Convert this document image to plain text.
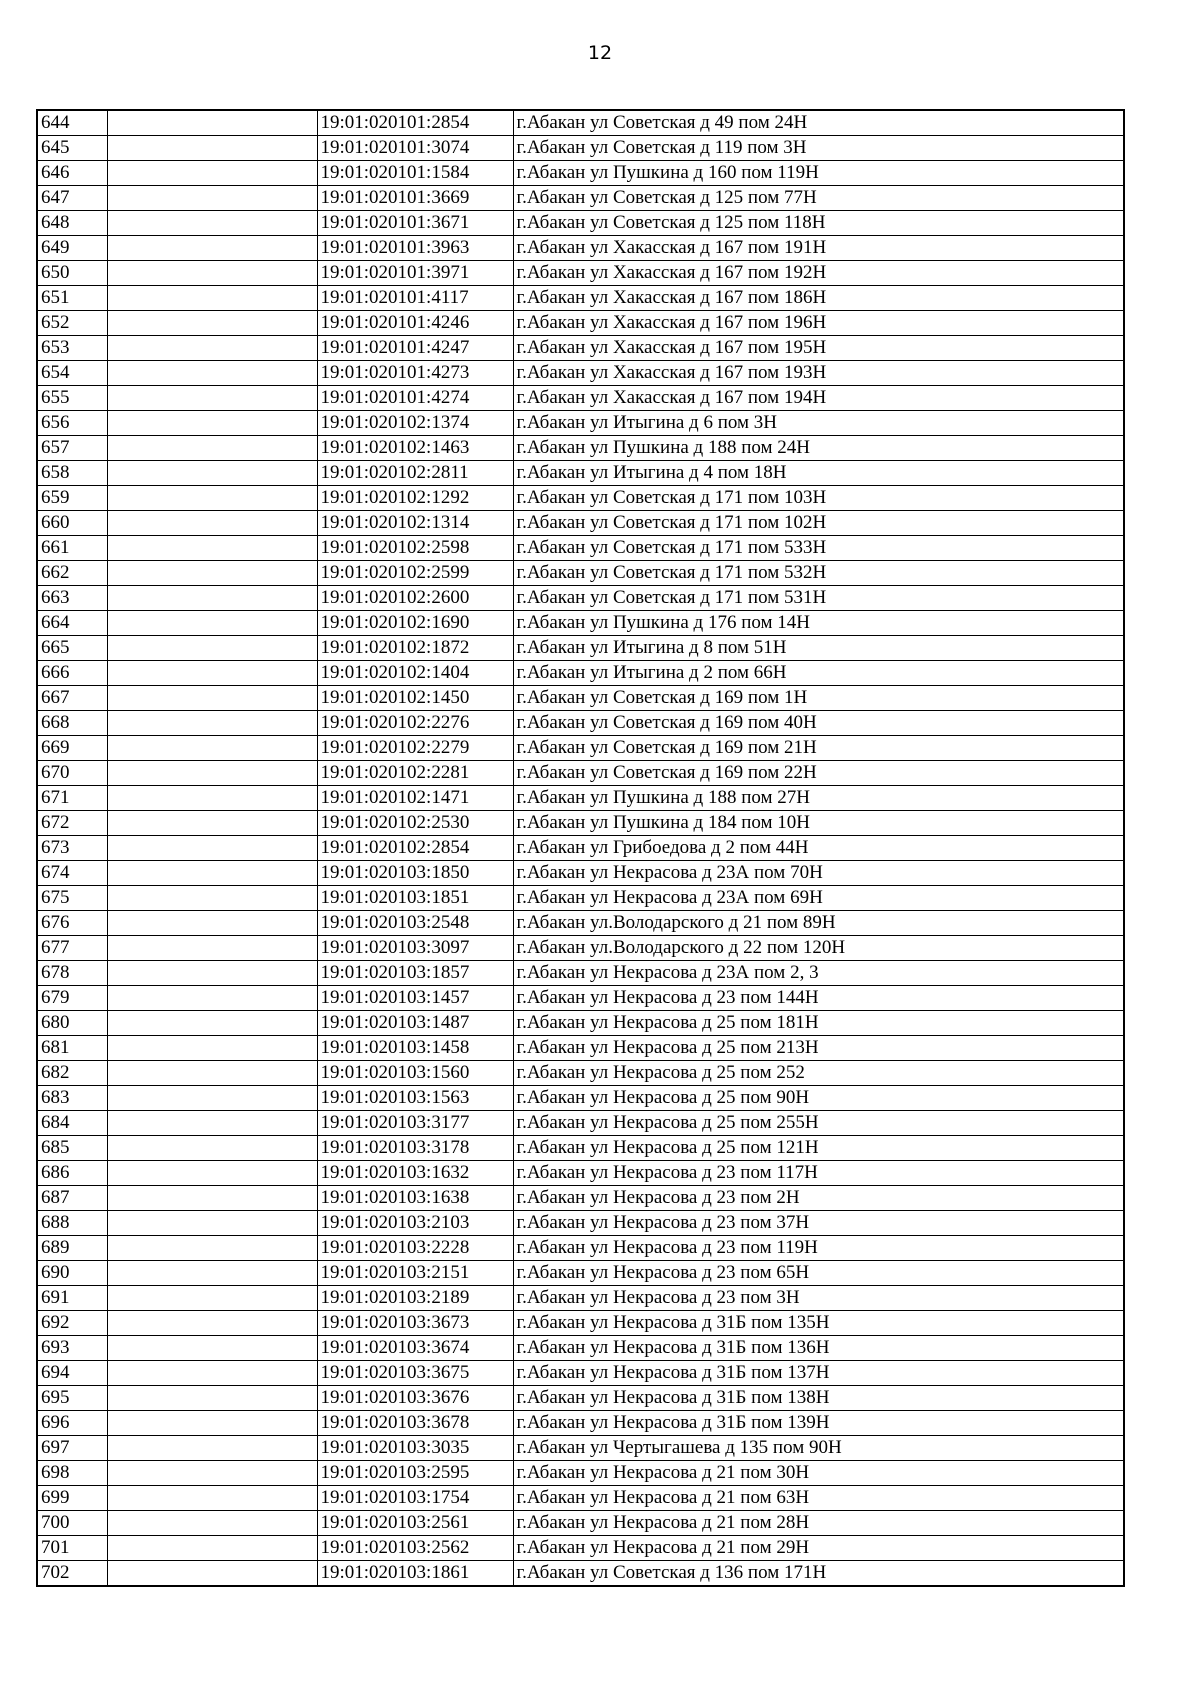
12
644		19:01:020101:2854	г.Абакан ул Советская д 49 пом 24Н
645		19:01:020101:3074	г.Абакан ул Советская д 119 пом 3Н
646		19:01:020101:1584	г.Абакан ул Пушкина д 160 пом 119Н
647		19:01:020101:3669	г.Абакан ул Советская д 125 пом 77Н
648		19:01:020101:3671	г.Абакан ул Советская д 125 пом 118Н
649		19:01:020101:3963	г.Абакан ул Хакасская д 167 пом 191Н
650		19:01:020101:3971	г.Абакан ул Хакасская д 167 пом 192Н
651		19:01:020101:4117	г.Абакан ул Хакасская д 167 пом 186Н
652		19:01:020101:4246	г.Абакан ул Хакасская д 167 пом 196Н
653		19:01:020101:4247	г.Абакан ул Хакасская д 167 пом 195Н
654		19:01:020101:4273	г.Абакан ул Хакасская д 167 пом 193Н
655		19:01:020101:4274	г.Абакан ул Хакасская д 167 пом 194Н
656		19:01:020102:1374	г.Абакан ул Итыгина д 6 пом 3Н
657		19:01:020102:1463	г.Абакан ул Пушкина д 188 пом 24Н
658		19:01:020102:2811	г.Абакан ул Итыгина д 4 пом 18Н
659		19:01:020102:1292	г.Абакан ул Советская д 171 пом 103Н
660		19:01:020102:1314	г.Абакан ул Советская д 171 пом 102Н
661		19:01:020102:2598	г.Абакан ул Советская д 171 пом 533Н
662		19:01:020102:2599	г.Абакан ул Советская д 171 пом 532Н
663		19:01:020102:2600	г.Абакан ул Советская д 171 пом 531Н
664		19:01:020102:1690	г.Абакан ул Пушкина д 176 пом 14Н
665		19:01:020102:1872	г.Абакан ул Итыгина д 8 пом 51Н
666		19:01:020102:1404	г.Абакан ул Итыгина д 2 пом 66Н
667		19:01:020102:1450	г.Абакан ул Советская д 169 пом 1Н
668		19:01:020102:2276	г.Абакан ул Советская д 169 пом 40Н
669		19:01:020102:2279	г.Абакан ул Советская д 169 пом 21Н
670		19:01:020102:2281	г.Абакан ул Советская д 169 пом 22Н
671		19:01:020102:1471	г.Абакан ул Пушкина д 188 пом 27Н
672		19:01:020102:2530	г.Абакан ул Пушкина д 184 пом 10Н
673		19:01:020102:2854	г.Абакан ул Грибоедова д 2 пом 44Н
674		19:01:020103:1850	г.Абакан ул Некрасова д 23А пом 70Н
675		19:01:020103:1851	г.Абакан ул Некрасова д 23А пом 69Н
676		19:01:020103:2548	г.Абакан ул.Володарского д 21 пом 89Н
677		19:01:020103:3097	г.Абакан ул.Володарского д 22 пом 120Н
678		19:01:020103:1857	г.Абакан ул Некрасова д 23А пом 2, 3
679		19:01:020103:1457	г.Абакан ул Некрасова д 23 пом 144Н
680		19:01:020103:1487	г.Абакан ул Некрасова д 25 пом 181Н
681		19:01:020103:1458	г.Абакан ул Некрасова д 25 пом 213Н
682		19:01:020103:1560	г.Абакан ул Некрасова д 25 пом 252
683		19:01:020103:1563	г.Абакан ул Некрасова д 25 пом 90Н
684		19:01:020103:3177	г.Абакан ул Некрасова д 25 пом 255Н
685		19:01:020103:3178	г.Абакан ул Некрасова д 25 пом 121Н
686		19:01:020103:1632	г.Абакан ул Некрасова д 23 пом 117Н
687		19:01:020103:1638	г.Абакан ул Некрасова д 23 пом 2Н
688		19:01:020103:2103	г.Абакан ул Некрасова д 23 пом 37Н
689		19:01:020103:2228	г.Абакан ул Некрасова д 23 пом 119Н
690		19:01:020103:2151	г.Абакан ул Некрасова д 23 пом 65Н
691		19:01:020103:2189	г.Абакан ул Некрасова д 23 пом 3Н
692		19:01:020103:3673	г.Абакан ул Некрасова д 31Б пом 135Н
693		19:01:020103:3674	г.Абакан ул Некрасова д 31Б пом 136Н
694		19:01:020103:3675	г.Абакан ул Некрасова д 31Б пом 137Н
695		19:01:020103:3676	г.Абакан ул Некрасова д 31Б пом 138Н
696		19:01:020103:3678	г.Абакан ул Некрасова д 31Б пом 139Н
697		19:01:020103:3035	г.Абакан ул Чертыгашева д 135 пом 90Н
698		19:01:020103:2595	г.Абакан ул Некрасова д 21 пом 30Н
699		19:01:020103:1754	г.Абакан ул Некрасова д 21 пом 63Н
700		19:01:020103:2561	г.Абакан ул Некрасова д 21 пом 28Н
701		19:01:020103:2562	г.Абакан ул Некрасова д 21 пом 29Н
702		19:01:020103:1861	г.Абакан ул Советская д 136 пом 171Н
